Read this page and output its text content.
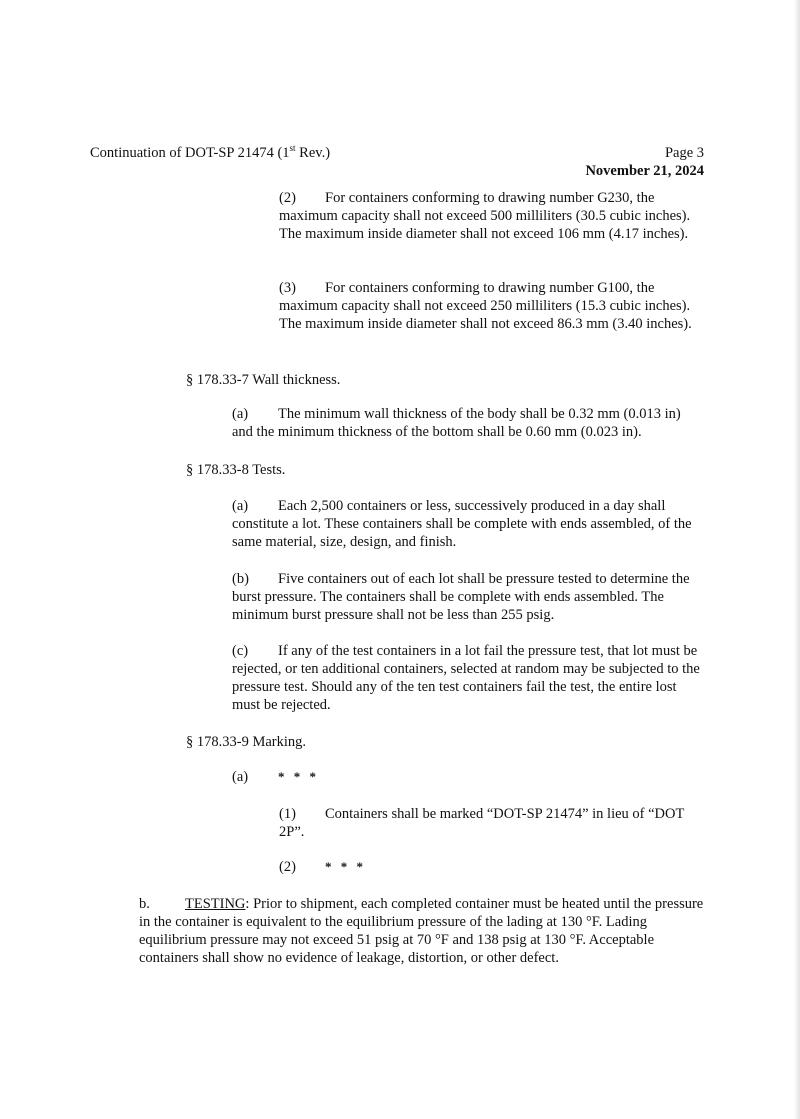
Continuation of DOT-SP 21474 (1st Rev.)	Page 3

November 21, 2024

(2) For containers conforming to drawing number G230, the maximum capacity shall not exceed 500 milliliters (30.5 cubic inches). The maximum inside diameter shall not exceed 106 mm (4.17 inches).

(3) For containers conforming to drawing number G100, the maximum capacity shall not exceed 250 milliliters (15.3 cubic inches). The maximum inside diameter shall not exceed 86.3 mm (3.40 inches).

§ 178.33-7 Wall thickness.

(a) The minimum wall thickness of the body shall be 0.32 mm (0.013 in) and the minimum thickness of the bottom shall be 0.60 mm (0.023 in).

§ 178.33-8 Tests.

(a) Each 2,500 containers or less, successively produced in a day shall constitute a lot. These containers shall be complete with ends assembled, of the same material, size, design, and finish.

(b) Five containers out of each lot shall be pressure tested to determine the burst pressure. The containers shall be complete with ends assembled. The minimum burst pressure shall not be less than 255 psig.

(c) If any of the test containers in a lot fail the pressure test, that lot must be rejected, or ten additional containers, selected at random may be subjected to the pressure test. Should any of the ten test containers fail the test, the entire lost must be rejected.

§ 178.33-9 Marking.

(a) * * *

(1) Containers shall be marked “DOT-SP 21474” in lieu of “DOT 2P”.

(2) * * *

b. TESTING: Prior to shipment, each completed container must be heated until the pressure in the container is equivalent to the equilibrium pressure of the lading at 130 °F. Lading equilibrium pressure may not exceed 51 psig at 70 °F and 138 psig at 130 °F. Acceptable containers shall show no evidence of leakage, distortion, or other defect.
